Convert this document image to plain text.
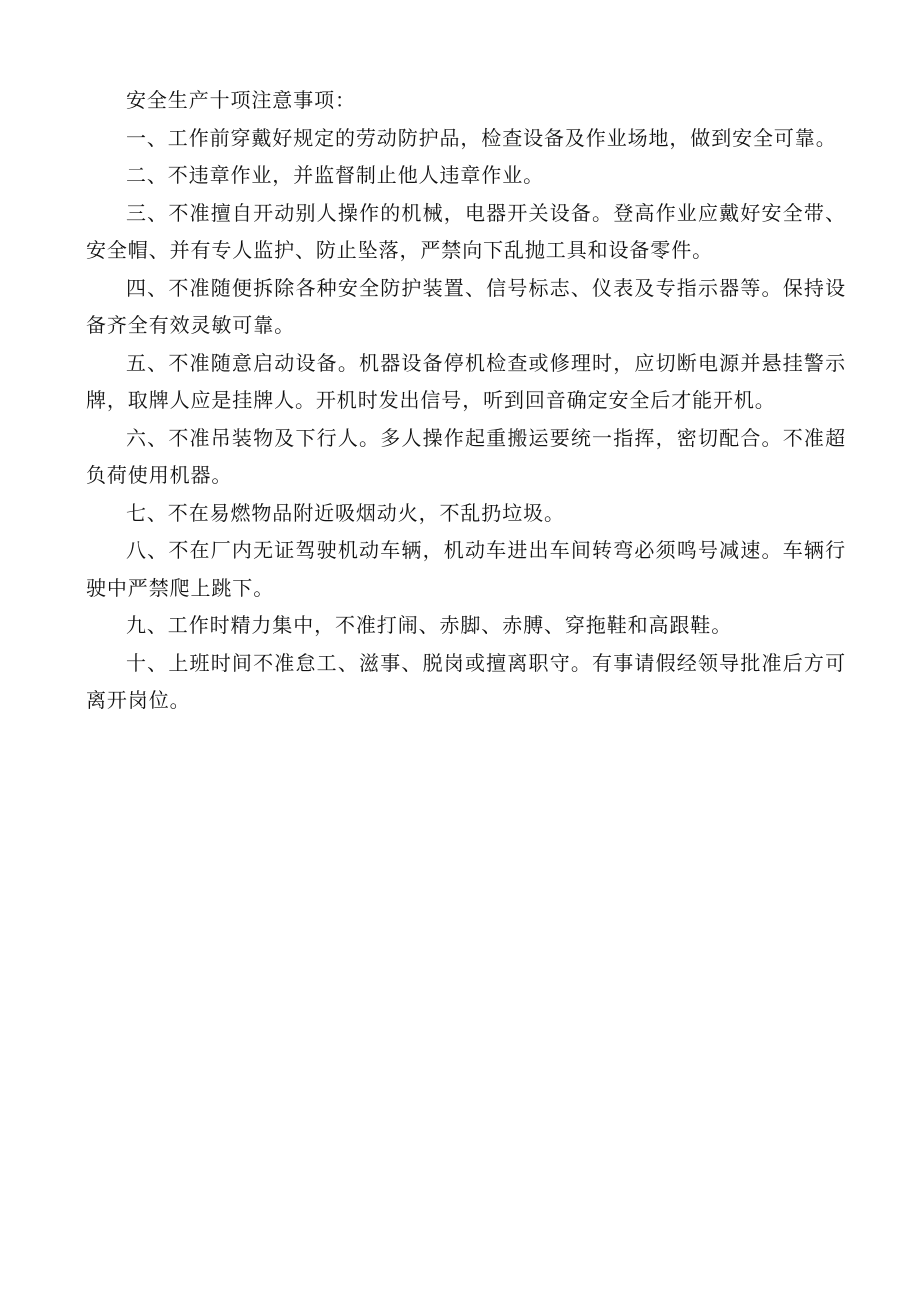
安全生产十项注意事项：

一、工作前穿戴好规定的劳动防护品，检查设备及作业场地，做到安全可靠。

二、不违章作业，并监督制止他人违章作业。

三、不准擅自开动别人操作的机械，电器开关设备。登高作业应戴好安全带、安全帽、并有专人监护、防止坠落，严禁向下乱抛工具和设备零件。

四、不准随便拆除各种安全防护装置、信号标志、仪表及专指示器等。保持设备齐全有效灵敏可靠。

五、不准随意启动设备。机器设备停机检查或修理时，应切断电源并悬挂警示牌，取牌人应是挂牌人。开机时发出信号，听到回音确定安全后才能开机。

六、不准吊装物及下行人。多人操作起重搬运要统一指挥，密切配合。不准超负荷使用机器。

七、不在易燃物品附近吸烟动火，不乱扔垃圾。

八、不在厂内无证驾驶机动车辆，机动车进出车间转弯必须鸣号减速。车辆行驶中严禁爬上跳下。

九、工作时精力集中，不准打闹、赤脚、赤膊、穿拖鞋和高跟鞋。

十、上班时间不准怠工、滋事、脱岗或擅离职守。有事请假经领导批准后方可离开岗位。
